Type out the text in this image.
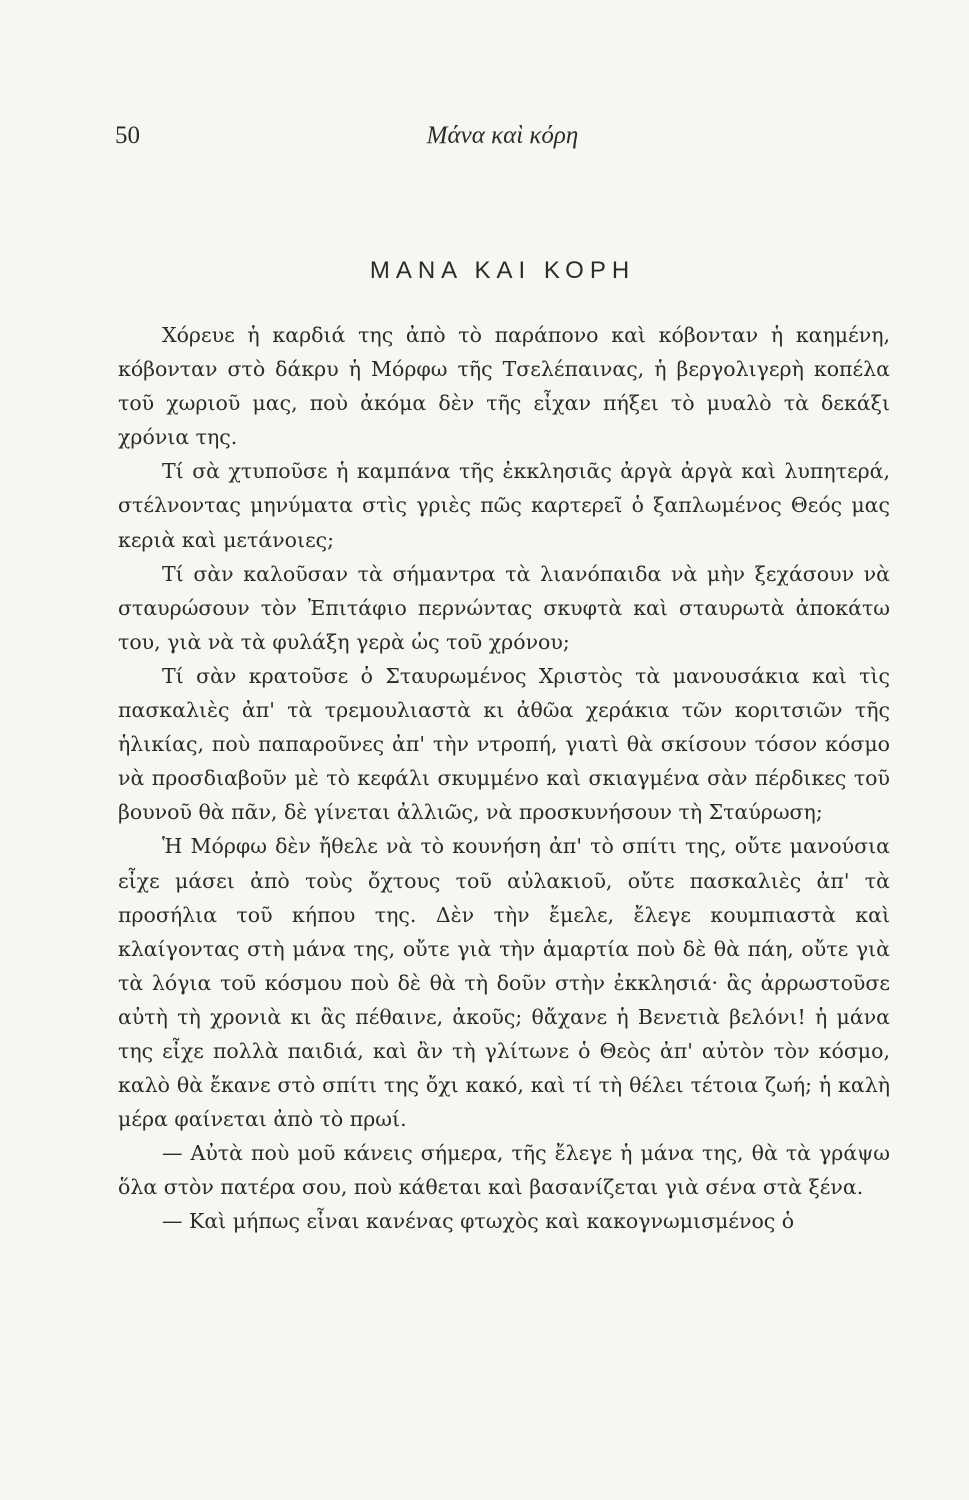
50	Μάνα καὶ κόρη
ΜΑΝΑ ΚΑΙ ΚΟΡΗ

Χόρευε ἡ καρδιά της ἀπὸ τὸ παράπονο καὶ κόβονταν ἡ καημένη, κόβονταν στὸ δάκρυ ἡ Μόρφω τῆς Τσελέπαινας, ἡ βεργολιγερὴ κοπέλα τοῦ χωριοῦ μας, ποὺ ἀκόμα δὲν τῆς εἶχαν πήξει τὸ μυαλὸ τὰ δεκάξι χρόνια της.

Τί σὰ χτυποῦσε ἡ καμπάνα τῆς ἐκκλησιᾶς ἀργὰ ἀργὰ καὶ λυπητερά, στέλνοντας μηνύματα στὶς γριὲς πῶς καρτερεῖ ὁ ξαπλωμένος Θεός μας κεριὰ καὶ μετάνοιες;

Τί σὰν καλοῦσαν τὰ σήμαντρα τὰ λιανόπαιδα νὰ μὴν ξεχάσουν νὰ σταυρώσουν τὸν Ἐπιτάφιο περνώντας σκυφτὰ καὶ σταυρωτὰ ἀποκάτω του, γιὰ νὰ τὰ φυλάξη γερὰ ὡς τοῦ χρόνου;

Τί σὰν κρατοῦσε ὁ Σταυρωμένος Χριστὸς τὰ μανουσάκια καὶ τὶς πασκαλιὲς ἀπ' τὰ τρεμουλιαστὰ κι ἀθῶα χεράκια τῶν κοριτσιῶν τῆς ἡλικίας, ποὺ παπαροῦνες ἀπ' τὴν ντροπή, γιατὶ θὰ σκίσουν τόσον κόσμο νὰ προσδιαβοῦν μὲ τὸ κεφάλι σκυμμένο καὶ σκιαγμένα σὰν πέρδικες τοῦ βουνοῦ θὰ πᾶν, δὲ γίνεται ἀλλιῶς, νὰ προσκυνήσουν τὴ Σταύρωση;

Ἡ Μόρφω δὲν ἤθελε νὰ τὸ κουνήση ἀπ' τὸ σπίτι της, οὔτε μανούσια εἶχε μάσει ἀπὸ τοὺς ὄχτους τοῦ αὐλακιοῦ, οὔτε πασκαλιὲς ἀπ' τὰ προσήλια τοῦ κήπου της. Δὲν τὴν ἔμελε, ἔλεγε κουμπιαστὰ καὶ κλαίγοντας στὴ μάνα της, οὔτε γιὰ τὴν ἁμαρτία ποὺ δὲ θὰ πάη, οὔτε γιὰ τὰ λόγια τοῦ κόσμου ποὺ δὲ θὰ τὴ δοῦν στὴν ἐκκλησιά· ἂς ἀρρωστοῦσε αὐτὴ τὴ χρονιὰ κι ἂς πέθαινε, ἀκοῦς; θἄχανε ἡ Βενετιὰ βελόνι! ἡ μάνα της εἶχε πολλὰ παιδιά, καὶ ἂν τὴ γλίτωνε ὁ Θεὸς ἀπ' αὐτὸν τὸν κόσμο, καλὸ θὰ ἔκανε στὸ σπίτι της ὄχι κακό, καὶ τί τὴ θέλει τέτοια ζωή; ἡ καλὴ μέρα φαίνεται ἀπὸ τὸ πρωί.

— Αὐτὰ ποὺ μοῦ κάνεις σήμερα, τῆς ἔλεγε ἡ μάνα της, θὰ τὰ γράψω ὅλα στὸν πατέρα σου, ποὺ κάθεται καὶ βασανίζεται γιὰ σένα στὰ ξένα.

— Καὶ μήπως εἶναι κανένας φτωχὸς καὶ κακογνωμισμένος ὁ
